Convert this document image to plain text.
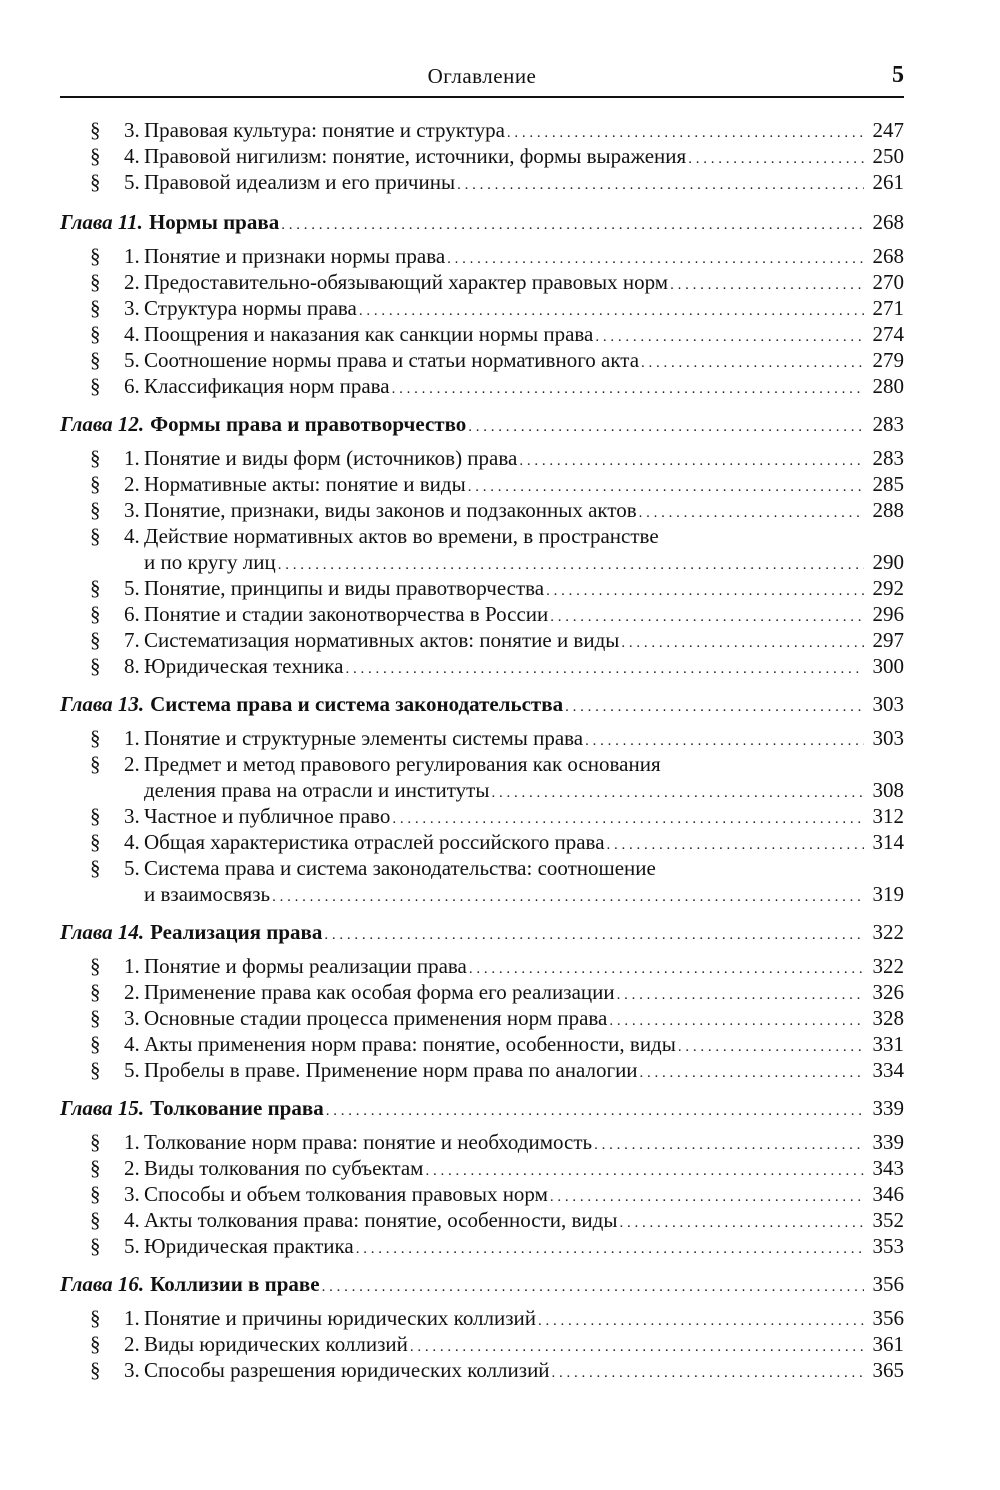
Оглавление	5
§	3. Правовая культура: понятие и структура . . .	247
§	4. Правовой нигилизм: понятие, источники, формы выражения . . .	250
§	5. Правовой идеализм и его причины . . .	261
Глава 11. Нормы права . . .	268
§	1. Понятие и признаки нормы права . . .	268
§	2. Предоставительно-обязывающий характер правовых норм . . .	270
§	3. Структура нормы права . . .	271
§	4. Поощрения и наказания как санкции нормы права . . .	274
§	5. Соотношение нормы права и статьи нормативного акта . . .	279
§	6. Классификация норм права . . .	280
Глава 12. Формы права и правотворчество . . .	283
§	1. Понятие и виды форм (источников) права . . .	283
§	2. Нормативные акты: понятие и виды . . .	285
§	3. Понятие, признаки, виды законов и подзаконных актов . . .	288
§	4. Действие нормативных актов во времени, в пространстве
и по кругу лиц . . .	290
§	5. Понятие, принципы и виды правотворчества . . .	292
§	6. Понятие и стадии законотворчества в России . . .	296
§	7. Систематизация нормативных актов: понятие и виды . . .	297
§	8. Юридическая техника . . .	300
Глава 13. Система права и система законодательства . . .	303
§	1. Понятие и структурные элементы системы права . . .	303
§	2. Предмет и метод правового регулирования как основания
деления права на отрасли и институты . . .	308
§	3. Частное и публичное право . . .	312
§	4. Общая характеристика отраслей российского права . . .	314
§	5. Система права и система законодательства: соотношение
и взаимосвязь . . .	319
Глава 14. Реализация права . . .	322
§	1. Понятие и формы реализации права . . .	322
§	2. Применение права как особая форма его реализации . . .	326
§	3. Основные стадии процесса применения норм права . . .	328
§	4. Акты применения норм права: понятие, особенности, виды . . .	331
§	5. Пробелы в праве. Применение норм права по аналогии . . .	334
Глава 15. Толкование права . . .	339
§	1. Толкование норм права: понятие и необходимость . . .	339
§	2. Виды толкования по субъектам . . .	343
§	3. Способы и объем толкования правовых норм . . .	346
§	4. Акты толкования права: понятие, особенности, виды . . .	352
§	5. Юридическая практика . . .	353
Глава 16. Коллизии в праве . . .	356
§	1. Понятие и причины юридических коллизий . . .	356
§	2. Виды юридических коллизий . . .	361
§	3. Способы разрешения юридических коллизий . . .	365
